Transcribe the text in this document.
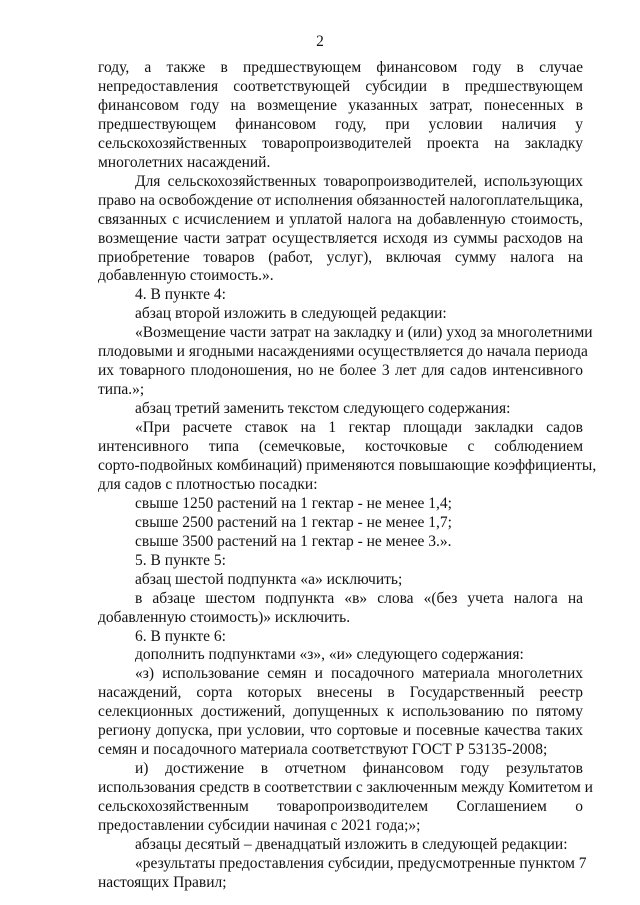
2
году, а также в предшествующем финансовом году в случае
непредоставления соответствующей субсидии в предшествующем
финансовом году на возмещение указанных затрат, понесенных в
предшествующем финансовом году, при условии наличия у
сельскохозяйственных товаропроизводителей проекта на закладку
многолетних насаждений.
Для сельскохозяйственных товаропроизводителей, использующих
право на освобождение от исполнения обязанностей налогоплательщика,
связанных с исчислением и уплатой налога на добавленную стоимость,
возмещение части затрат осуществляется исходя из суммы расходов на
приобретение товаров (работ, услуг), включая сумму налога на
добавленную стоимость.».
4. В пункте 4:
абзац второй изложить в следующей редакции:
«Возмещение части затрат на закладку и (или) уход за многолетними
плодовыми и ягодными насаждениями осуществляется до начала периода
их товарного плодоношения, но не более 3 лет для садов интенсивного
типа.»;
абзац третий заменить текстом следующего содержания:
«При расчете ставок на 1 гектар площади закладки садов
интенсивного типа (семечковые, косточковые с соблюдением
сорто-подвойных комбинаций) применяются повышающие коэффициенты,
для садов с плотностью посадки:
свыше 1250 растений на 1 гектар - не менее 1,4;
свыше 2500 растений на 1 гектар - не менее 1,7;
свыше 3500 растений на 1 гектар - не менее 3.».
5. В пункте 5:
абзац шестой подпункта «а» исключить;
в абзаце шестом подпункта «в» слова «(без учета налога на
добавленную стоимость)» исключить.
6. В пункте 6:
дополнить подпунктами «з», «и» следующего содержания:
«з) использование семян и посадочного материала многолетних
насаждений, сорта которых внесены в Государственный реестр
селекционных достижений, допущенных к использованию по пятому
региону допуска, при условии, что сортовые и посевные качества таких
семян и посадочного материала соответствуют ГОСТ Р 53135-2008;
и) достижение в отчетном финансовом году результатов
использования средств в соответствии с заключенным между Комитетом и
сельскохозяйственным товаропроизводителем Соглашением о
предоставлении субсидии начиная с 2021 года;»;
абзацы десятый – двенадцатый изложить в следующей редакции:
«результаты предоставления субсидии, предусмотренные пунктом 7
настоящих Правил;
